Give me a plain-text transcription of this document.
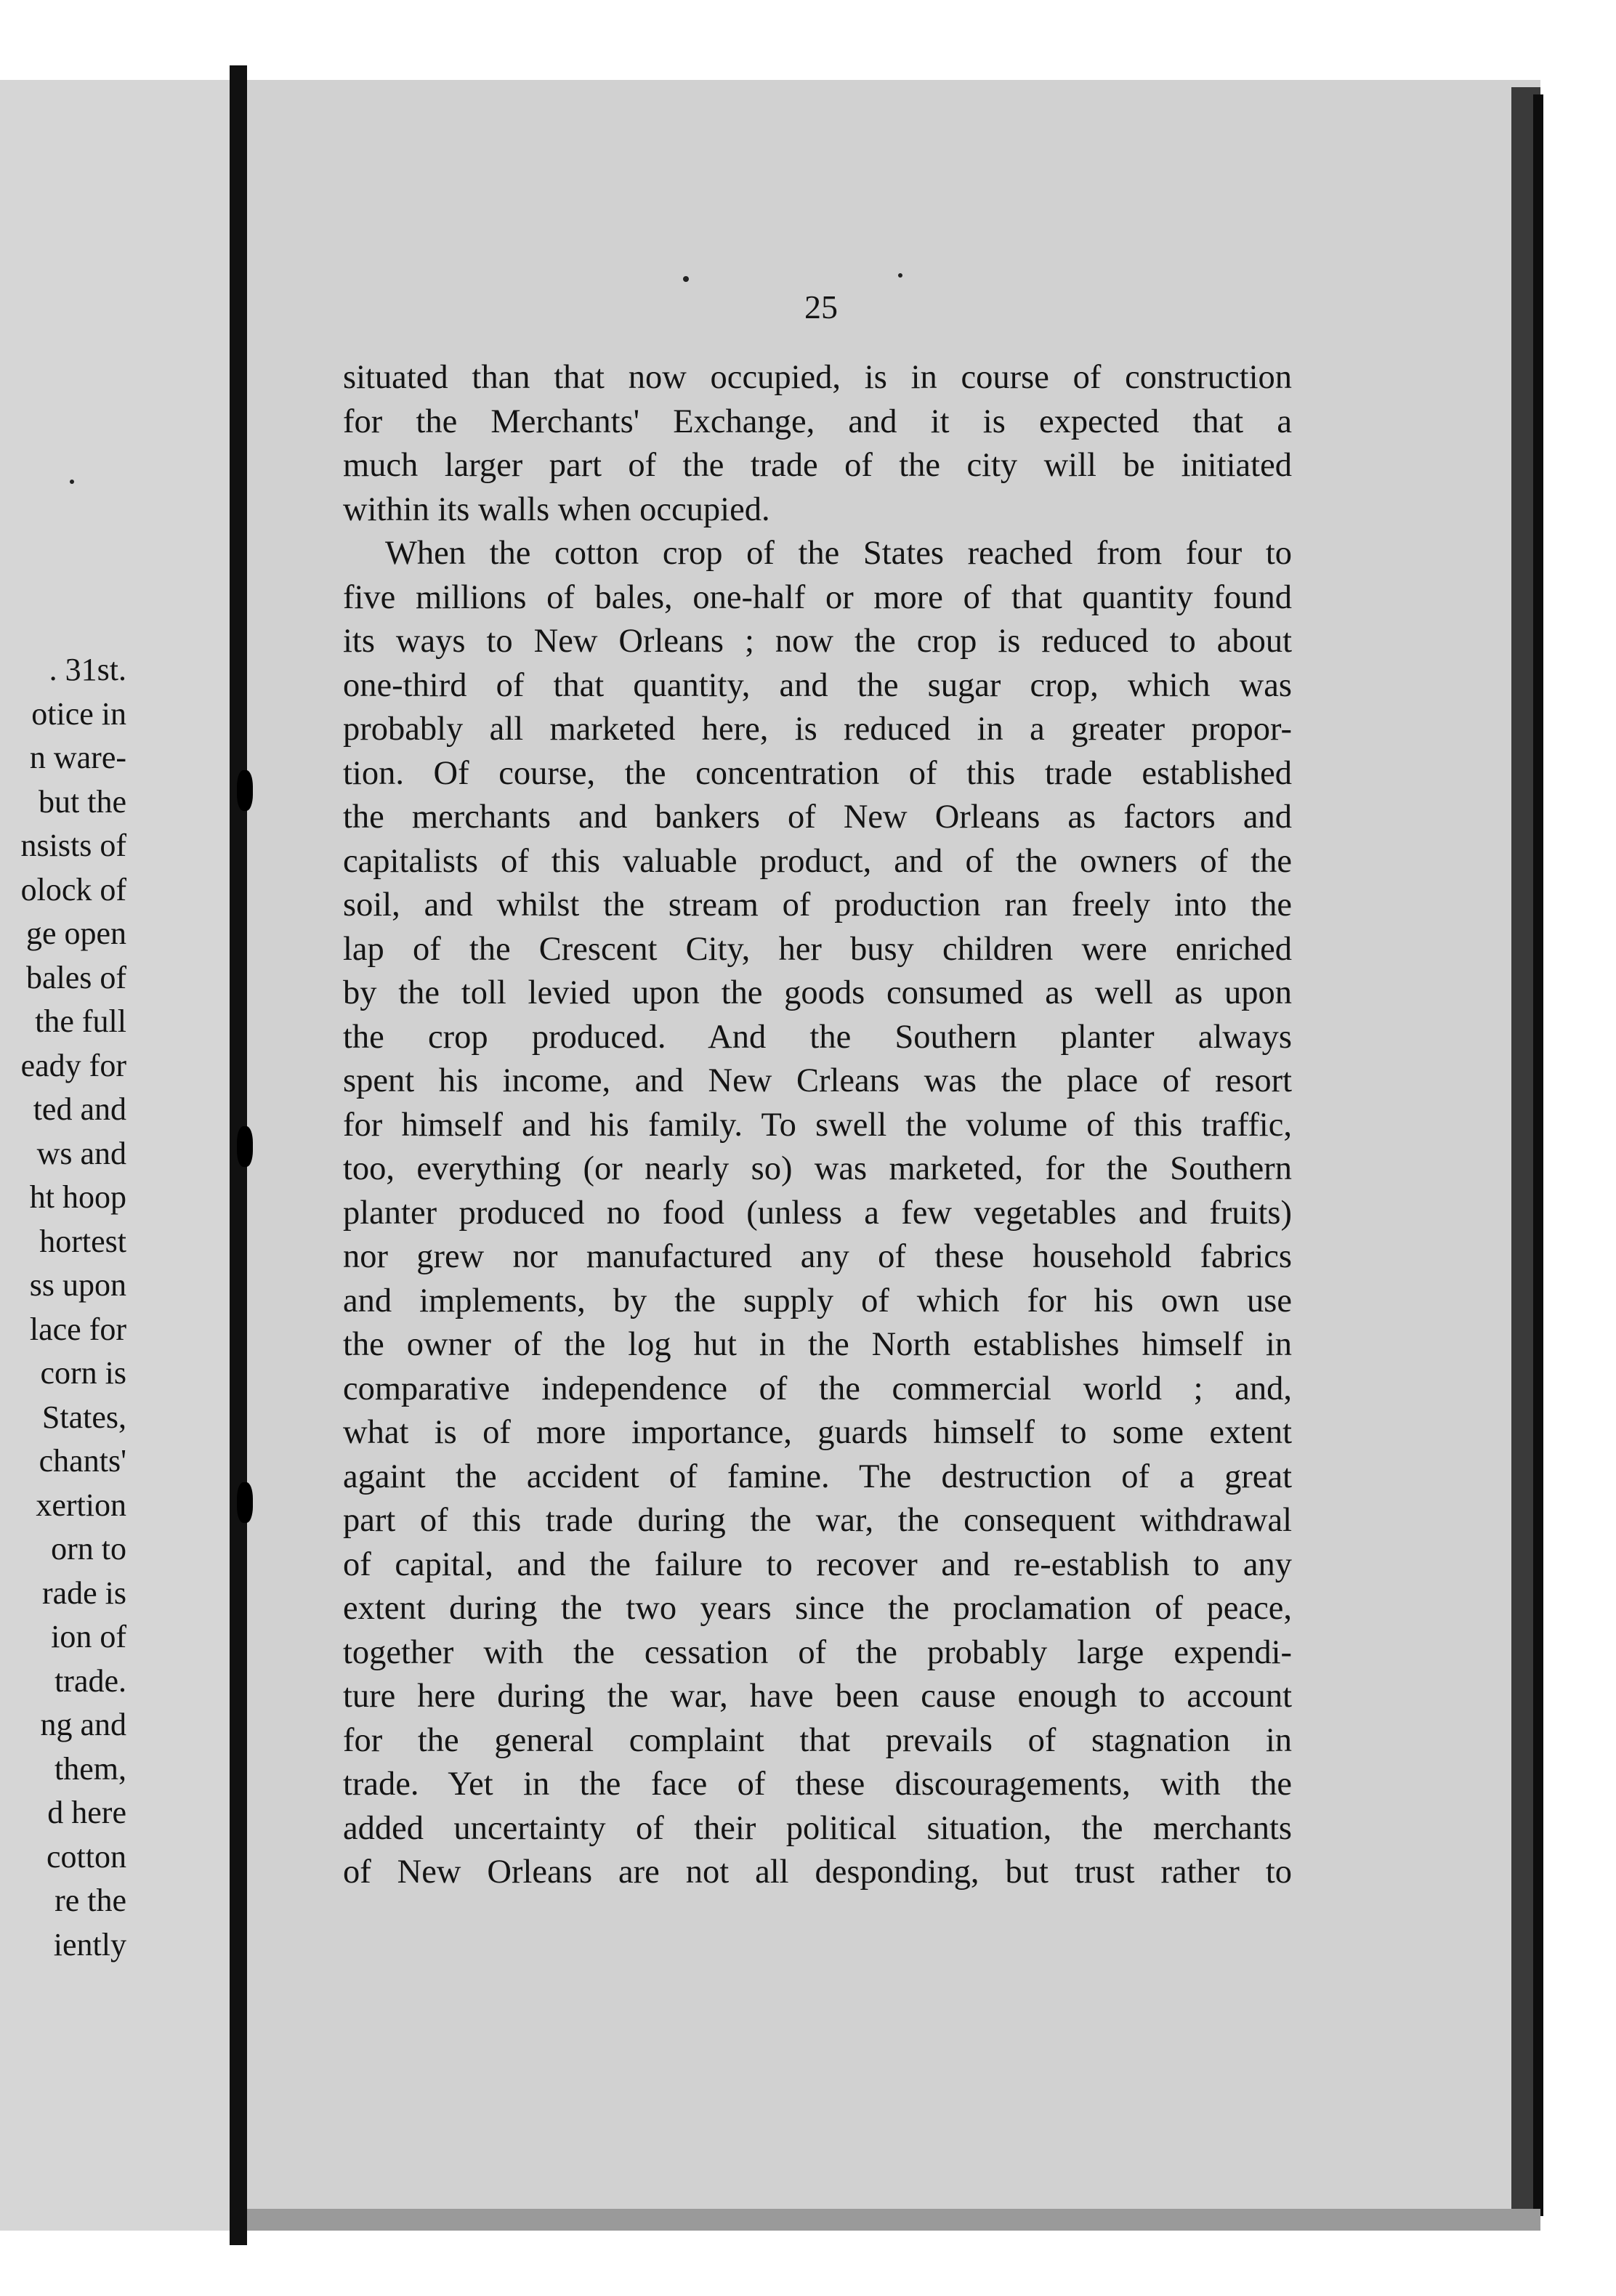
. 31st.
otice in
n ware-
but the
nsists of
olock of
ge open
bales of
the full
eady for
ted and
ws and
ht hoop
hortest
ss upon
lace for
corn is
States,
chants'
xertion
orn to
rade is
ion of
trade.
ng and
them,
d here
cotton
re the
iently
25
situated than that now occupied, is in course of construction
for the Merchants' Exchange, and it is expected that a
much larger part of the trade of the city will be initiated
within its walls when occupied.
When the cotton crop of the States reached from four to
five millions of bales, one-half or more of that quantity found
its ways to New Orleans ; now the crop is reduced to about
one-third of that quantity, and the sugar crop, which was
probably all marketed here, is reduced in a greater propor-
tion. Of course, the concentration of this trade established
the merchants and bankers of New Orleans as factors and
capitalists of this valuable product, and of the owners of the
soil, and whilst the stream of production ran freely into the
lap of the Crescent City, her busy children were enriched
by the toll levied upon the goods consumed as well as upon
the crop produced. And the Southern planter always
spent his income, and New Crleans was the place of resort
for himself and his family. To swell the volume of this traffic,
too, everything (or nearly so) was marketed, for the Southern
planter produced no food (unless a few vegetables and fruits)
nor grew nor manufactured any of these household fabrics
and implements, by the supply of which for his own use
the owner of the log hut in the North establishes himself in
comparative independence of the commercial world ; and,
what is of more importance, guards himself to some extent
againt the accident of famine. The destruction of a great
part of this trade during the war, the consequent withdrawal
of capital, and the failure to recover and re-establish to any
extent during the two years since the proclamation of peace,
together with the cessation of the probably large expendi-
ture here during the war, have been cause enough to account
for the general complaint that prevails of stagnation in
trade. Yet in the face of these discouragements, with the
added uncertainty of their political situation, the merchants
of New Orleans are not all desponding, but trust rather to
